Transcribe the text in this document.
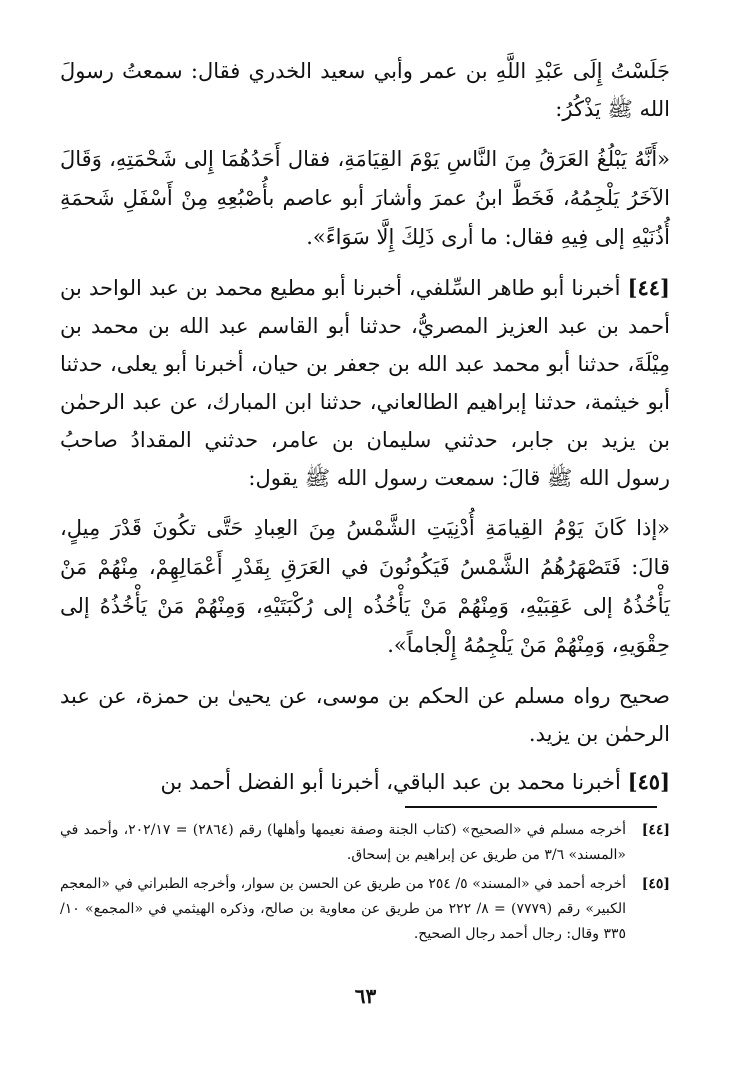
جَلَسْتُ إِلَى عَبْدِ اللَّهِ بن عمر وأبي سعيد الخدري فقال: سمعتُ رسولَ الله ﷺ يَذْكُرُ:

«أَنَّهُ يَبْلُغُ العَرَقُ مِنَ النَّاسِ يَوْمَ القِيَامَةِ، فقال أَحَدُهُمَا إِلى شَحْمَتِهِ، وَقَالَ الآخَرُ يَلْجِمُهُ، فَخَطَّ ابنُ عمرَ وأشارَ أبو عاصم بأُصْبُعِهِ مِنْ أَسْفَلِ شَحمَةِ أُذُنَيْهِ إلى فِيهِ فقال: ما أرى ذَلِكَ إِلَّا سَوَاءً».

[٤٤] أخبرنا أبو طاهر السِّلفي، أخبرنا أبو مطيع محمد بن عبد الواحد بن أحمد بن عبد العزيز المصريُّ، حدثنا أبو القاسم عبد الله بن محمد بن مِيْلَةَ، حدثنا أبو محمد عبد الله بن جعفر بن حيان، أخبرنا أبو يعلى، حدثنا أبو خيثمة، حدثنا إبراهيم الطالعاني، حدثنا ابن المبارك، عن عبد الرحمٰن بن يزيد بن جابر، حدثني سليمان بن عامر، حدثني المقدادُ صاحبُ رسول الله ﷺ قالَ: سمعت رسول الله ﷺ يقول:

«إذا كَانَ يَوْمُ القِيامَةِ أُدْنِيَتِ الشَّمْسُ مِنَ العِبادِ حَتَّى تكُونَ قَدْرَ مِيلٍ، قالَ: فَتَصْهَرُهُمُ الشَّمْسُ فَيَكُونُونَ في العَرَقِ بِقَدْرِ أَعْمَالِهِمْ، مِنْهُمْ مَنْ يَأْخُذُهُ إلى عَقِبَيْهِ، وَمِنْهُمْ مَنْ يَأْخُذُه إلى رُكْبَتَيْهِ، وَمِنْهُمْ مَنْ يَأْخُذُهُ إلى حِقْوَيهِ، وَمِنْهُمْ مَنْ يَلْجِمُهُ إِلْجاماً».

صحيح رواه مسلم عن الحكم بن موسى، عن يحيىٰ بن حمزة، عن عبد الرحمٰن بن يزيد.

[٤٥] أخبرنا محمد بن عبد الباقي، أخبرنا أبو الفضل أحمد بن

[٤٤]
أخرجه مسلم في «الصحيح» (كتاب الجنة وصفة نعيمها وأهلها) رقم (٢٨٦٤) = ٢٠٢/١٧، وأحمد في «المسند» ٣/٦ من طريق عن إبراهيم بن إسحاق.
[٤٥]
أخرجه أحمد في «المسند» ٥/ ٢٥٤ من طريق عن الحسن بن سوار، وأخرجه الطبراني في «المعجم الكبير» رقم (٧٧٧٩) = ٨/ ٢٢٢ من طريق عن معاوية بن صالح، وذكره الهيثمي في «المجمع» ١٠/ ٣٣٥ وقال: رجال أحمد رجال الصحيح.
٦٣
